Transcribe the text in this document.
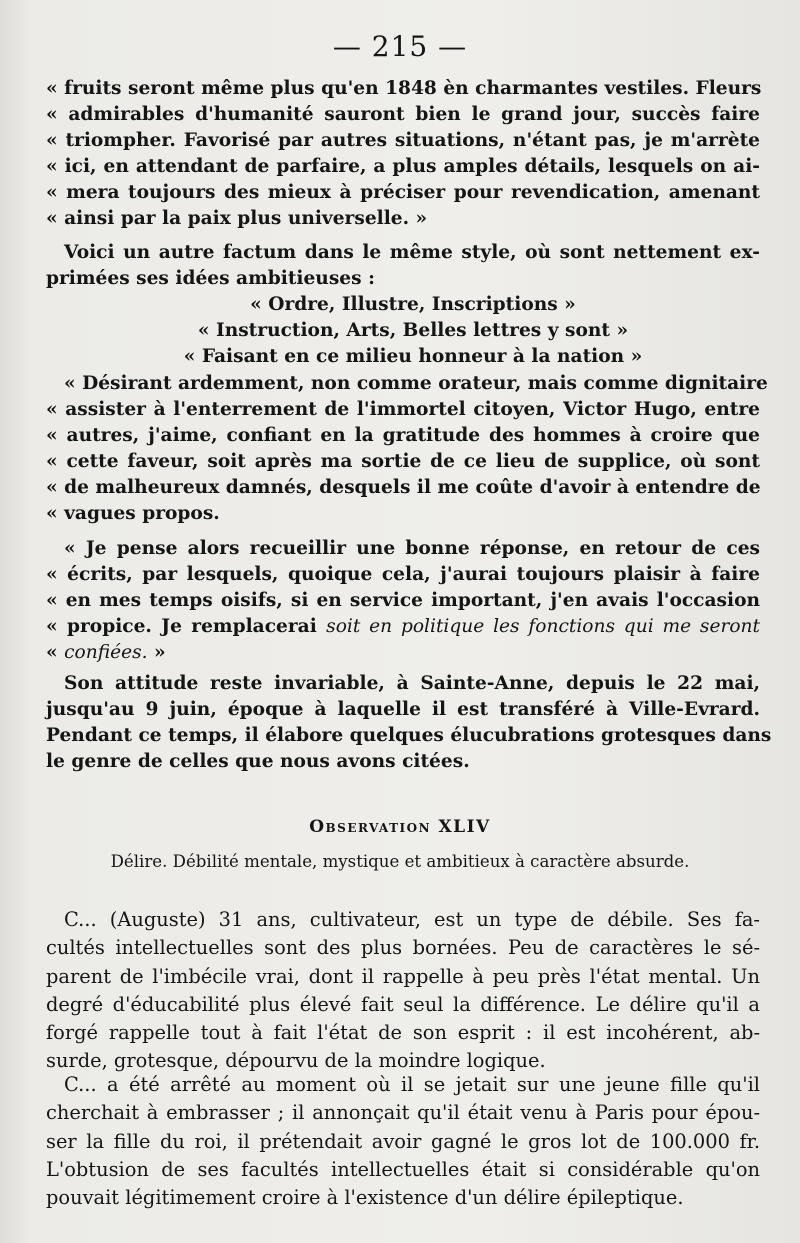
— 215 —
« fruits seront même plus qu'en 1848 èn charmantes vestiles. Fleurs
« admirables d'humanité sauront bien le grand jour, succès faire
« triompher. Favorisé par autres situations, n'étant pas, je m'arrète
« ici, en attendant de parfaire, a plus amples détails, lesquels on ai-
« mera toujours des mieux à préciser pour revendication, amenant
« ainsi par la paix plus universelle. »
Voici un autre factum dans le même style, où sont nettement ex-
primées ses idées ambitieuses :
« Ordre, Illustre, Inscriptions »
« Instruction, Arts, Belles lettres y sont »
« Faisant en ce milieu honneur à la nation »
« Désirant ardemment, non comme orateur, mais comme dignitaire
« assister à l'enterrement de l'immortel citoyen, Victor Hugo, entre
« autres, j'aime, confiant en la gratitude des hommes à croire que
« cette faveur, soit après ma sortie de ce lieu de supplice, où sont
« de malheureux damnés, desquels il me coûte d'avoir à entendre de
« vagues propos.
« Je pense alors recueillir une bonne réponse, en retour de ces
« écrits, par lesquels, quoique cela, j'aurai toujours plaisir à faire
« en mes temps oisifs, si en service important, j'en avais l'occasion
« propice. Je remplacerai soit en politique les fonctions qui me seront
« confiées. »
Son attitude reste invariable, à Sainte-Anne, depuis le 22 mai,
jusqu'au 9 juin, époque à laquelle il est transféré à Ville-Evrard.
Pendant ce temps, il élabore quelques élucubrations grotesques dans
le genre de celles que nous avons citées.
Observation XLIV
Délire. Débilité mentale, mystique et ambitieux à caractère absurde.
C... (Auguste) 31 ans, cultivateur, est un type de débile. Ses fa-
cultés intellectuelles sont des plus bornées. Peu de caractères le sé-
parent de l'imbécile vrai, dont il rappelle à peu près l'état mental. Un
degré d'éducabilité plus élevé fait seul la différence. Le délire qu'il a
forgé rappelle tout à fait l'état de son esprit : il est incohérent, ab-
surde, grotesque, dépourvu de la moindre logique.
C... a été arrêté au moment où il se jetait sur une jeune fille qu'il
cherchait à embrasser ; il annonçait qu'il était venu à Paris pour épou-
ser la fille du roi, il prétendait avoir gagné le gros lot de 100.000 fr.
L'obtusion de ses facultés intellectuelles était si considérable qu'on
pouvait légitimement croire à l'existence d'un délire épileptique.
